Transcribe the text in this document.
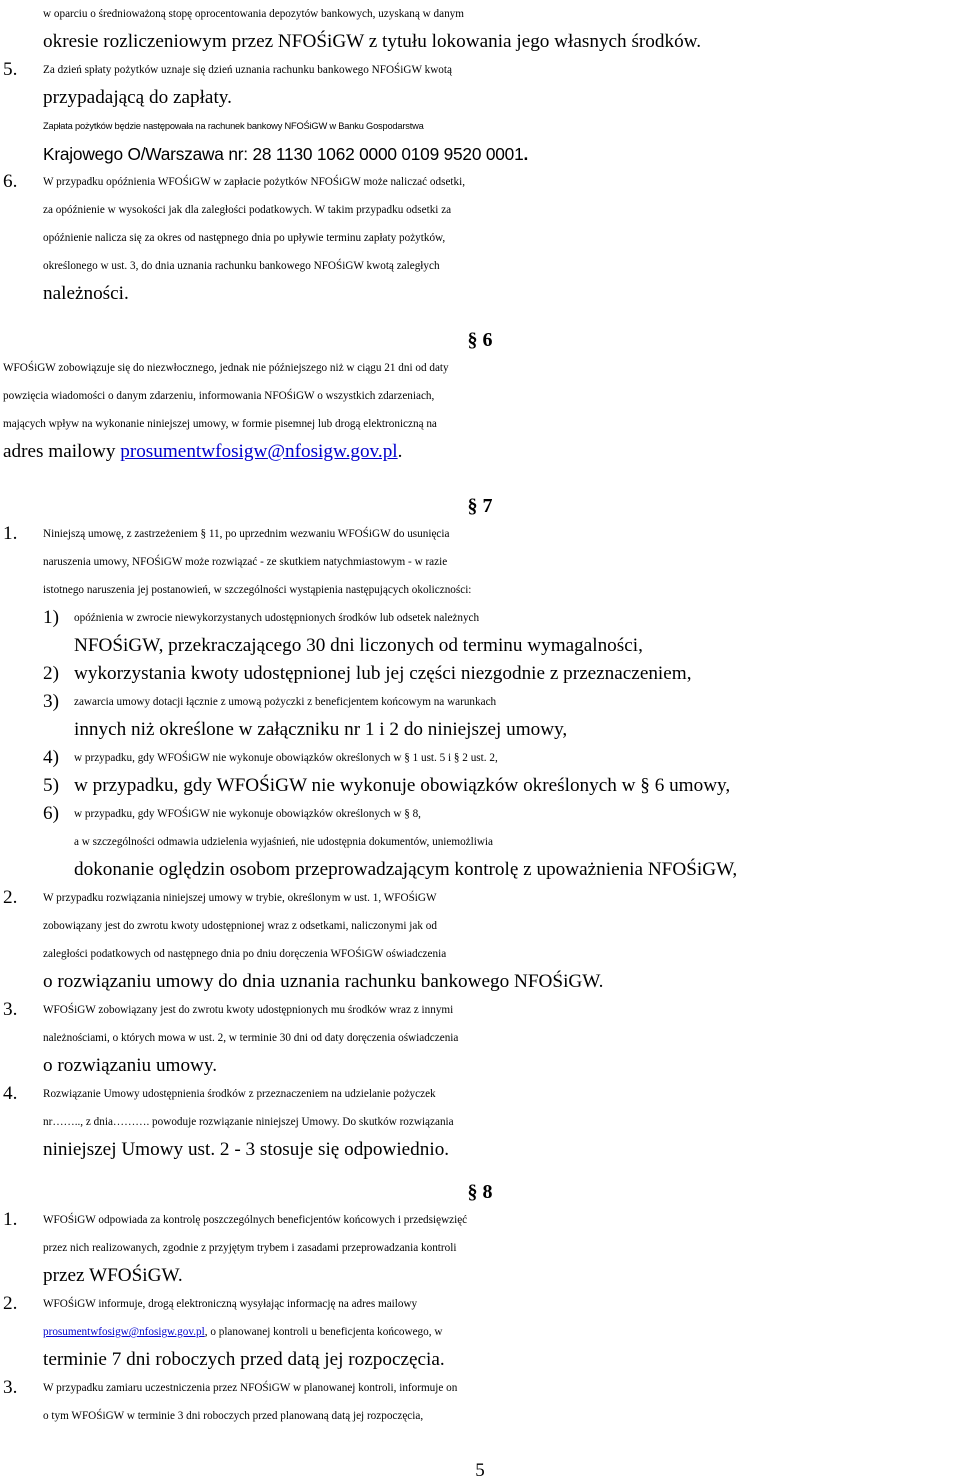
w oparciu o średnioważoną stopę oprocentowania depozytów bankowych, uzyskaną w danym
okresie rozliczeniowym przez NFOŚiGW z tytułu lokowania jego własnych środków.
5. Za dzień spłaty pożytków uznaje się dzień uznania rachunku bankowego NFOŚiGW kwotą
przypadającą do zapłaty.
Zapłata pożytków będzie następowała na rachunek bankowy NFOŚiGW w Banku Gospodarstwa
Krajowego O/Warszawa nr: 28 1130 1062 0000 0109 9520 0001.
6. W przypadku opóźnienia WFOŚiGW w zapłacie pożytków NFOŚiGW może naliczać odsetki,
za opóźnienie w wysokości jak dla zaległości podatkowych. W takim przypadku odsetki za
opóźnienie nalicza się za okres od następnego dnia po upływie terminu zapłaty pożytków,
określonego w ust. 3, do dnia uznania rachunku bankowego NFOŚiGW kwotą zaległych
należności.
§ 6
WFOŚiGW zobowiązuje się do niezwłocznego, jednak nie późniejszego niż w ciągu 21 dni od daty
powzięcia wiadomości o danym zdarzeniu, informowania NFOŚiGW o wszystkich zdarzeniach,
mających wpływ na wykonanie niniejszej umowy, w formie pisemnej lub drogą elektroniczną na
adres mailowy prosumentwfosigw@nfosigw.gov.pl.
§ 7
1. Niniejszą umowę, z zastrzeżeniem § 11, po uprzednim wezwaniu WFOŚiGW do usunięcia
naruszenia umowy, NFOŚiGW może rozwiązać - ze skutkiem natychmiastowym - w razie
istotnego naruszenia jej postanowień, w szczególności wystąpienia następujących okoliczności:
1) opóźnienia w zwrocie niewykorzystanych udostępnionych środków lub odsetek należnych
NFOŚiGW, przekraczającego 30 dni liczonych od terminu wymagalności,
2) wykorzystania kwoty udostępnionej lub jej części niezgodnie z przeznaczeniem,
3) zawarcia umowy dotacji łącznie z umową pożyczki z beneficjentem końcowym na warunkach
innych niż określone w załączniku nr 1 i 2 do niniejszej umowy,
4) w przypadku, gdy WFOŚiGW nie wykonuje obowiązków określonych w § 1 ust. 5 i § 2 ust. 2,
5) w przypadku, gdy WFOŚiGW nie wykonuje obowiązków określonych w § 6 umowy,
6) w przypadku, gdy WFOŚiGW nie wykonuje obowiązków określonych w § 8,
a w szczególności odmawia udzielenia wyjaśnień, nie udostępnia dokumentów, uniemożliwia
dokonanie oględzin osobom przeprowadzającym kontrolę z upoważnienia NFOŚiGW,
2. W przypadku rozwiązania niniejszej umowy w trybie, określonym w ust. 1, WFOŚiGW
zobowiązany jest do zwrotu kwoty udostępnionej wraz z odsetkami, naliczonymi jak od
zaległości podatkowych od następnego dnia po dniu doręczenia WFOŚiGW oświadczenia
o rozwiązaniu umowy do dnia uznania rachunku bankowego NFOŚiGW.
3. WFOŚiGW zobowiązany jest do zwrotu kwoty udostępnionych mu środków wraz z innymi
należnościami, o których mowa w ust. 2, w terminie 30 dni od daty doręczenia oświadczenia
o rozwiązaniu umowy.
4. Rozwiązanie Umowy udostępnienia środków z przeznaczeniem na udzielanie pożyczek
nr…….., z dnia………. powoduje rozwiązanie niniejszej Umowy. Do skutków rozwiązania
niniejszej Umowy ust. 2 - 3 stosuje się odpowiednio.
§ 8
1. WFOŚiGW odpowiada za kontrolę poszczególnych beneficjentów końcowych i przedsięwzięć
przez nich realizowanych, zgodnie z przyjętym trybem i zasadami przeprowadzania kontroli
przez WFOŚiGW.
2. WFOŚiGW informuje, drogą elektroniczną wysyłając informację na adres mailowy
prosumentwfosigw@nfosigw.gov.pl, o planowanej kontroli u beneficjenta końcowego, w
terminie 7 dni roboczych przed datą jej rozpoczęcia.
3. W przypadku zamiaru uczestniczenia przez NFOŚiGW w planowanej kontroli, informuje on
o tym WFOŚiGW w terminie 3 dni roboczych przed planowaną datą jej rozpoczęcia,
5
